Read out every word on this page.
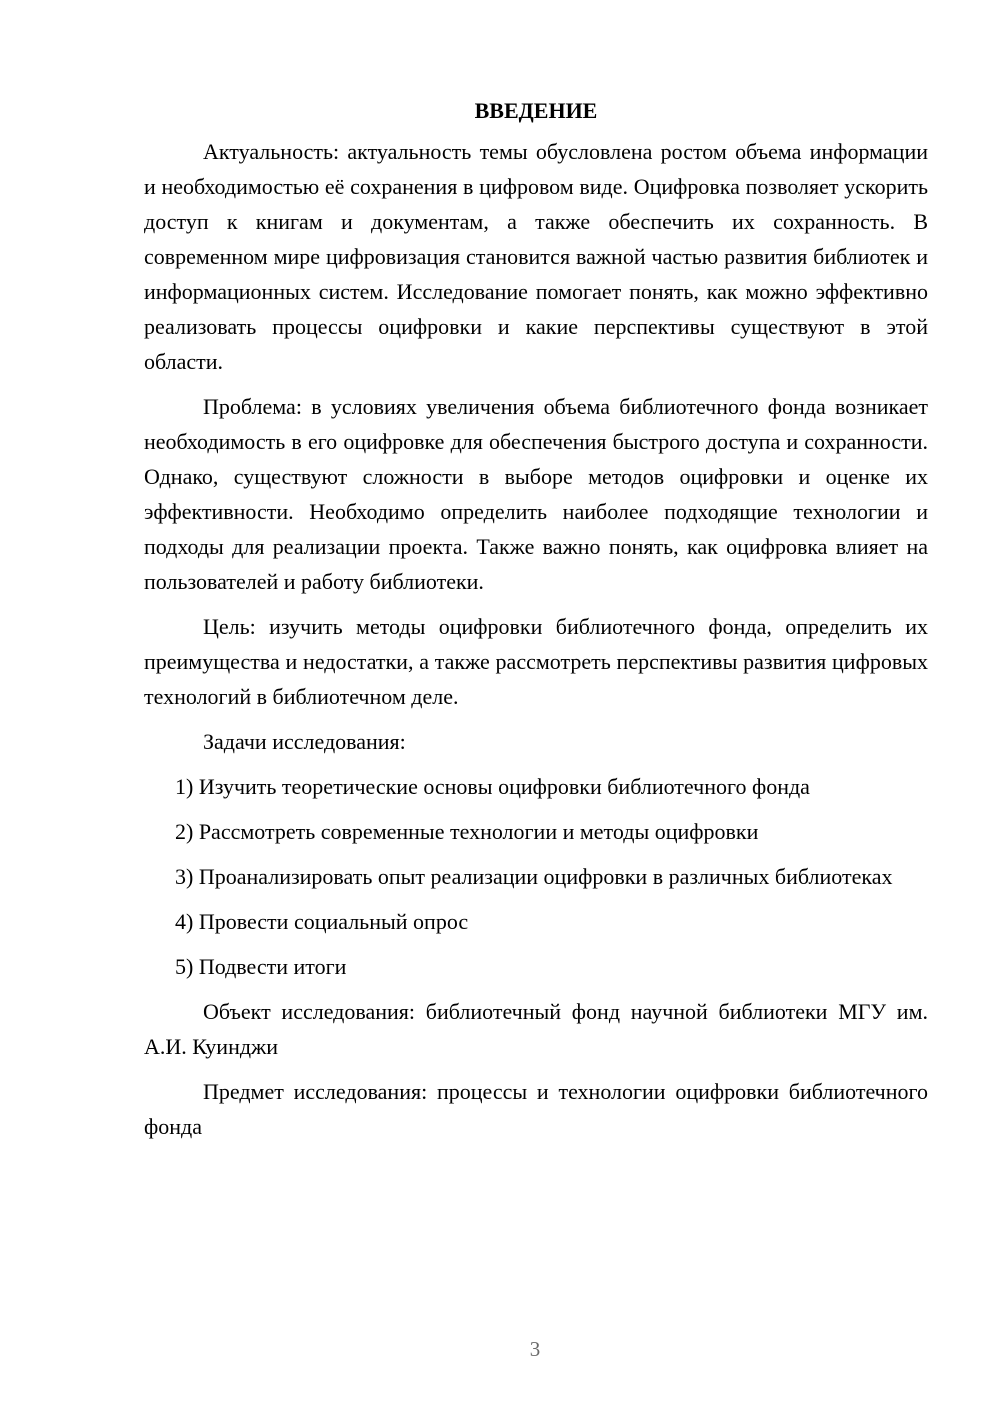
ВВЕДЕНИЕ

Актуальность: актуальность темы обусловлена ростом объема информации и необходимостью её сохранения в цифровом виде. Оцифровка позволяет ускорить доступ к книгам и документам, а также обеспечить их сохранность. В современном мире цифровизация становится важной частью развития библиотек и информационных систем. Исследование помогает понять, как можно эффективно реализовать процессы оцифровки и какие перспективы существуют в этой области.

Проблема: в условиях увеличения объема библиотечного фонда возникает необходимость в его оцифровке для обеспечения быстрого доступа и сохранности. Однако, существуют сложности в выборе методов оцифровки и оценке их эффективности. Необходимо определить наиболее подходящие технологии и подходы для реализации проекта. Также важно понять, как оцифровка влияет на пользователей и работу библиотеки.

Цель: изучить методы оцифровки библиотечного фонда, определить их преимущества и недостатки, а также рассмотреть перспективы развития цифровых технологий в библиотечном деле.

Задачи исследования:

1) Изучить теоретические основы оцифровки библиотечного фонда

2) Рассмотреть современные технологии и методы оцифровки

3) Проанализировать опыт реализации оцифровки в различных библиотеках

4) Провести социальный опрос

5) Подвести итоги

Объект исследования: библиотечный фонд научной библиотеки МГУ им. А.И. Куинджи

Предмет исследования: процессы и технологии оцифровки библиотечного фонда

3
